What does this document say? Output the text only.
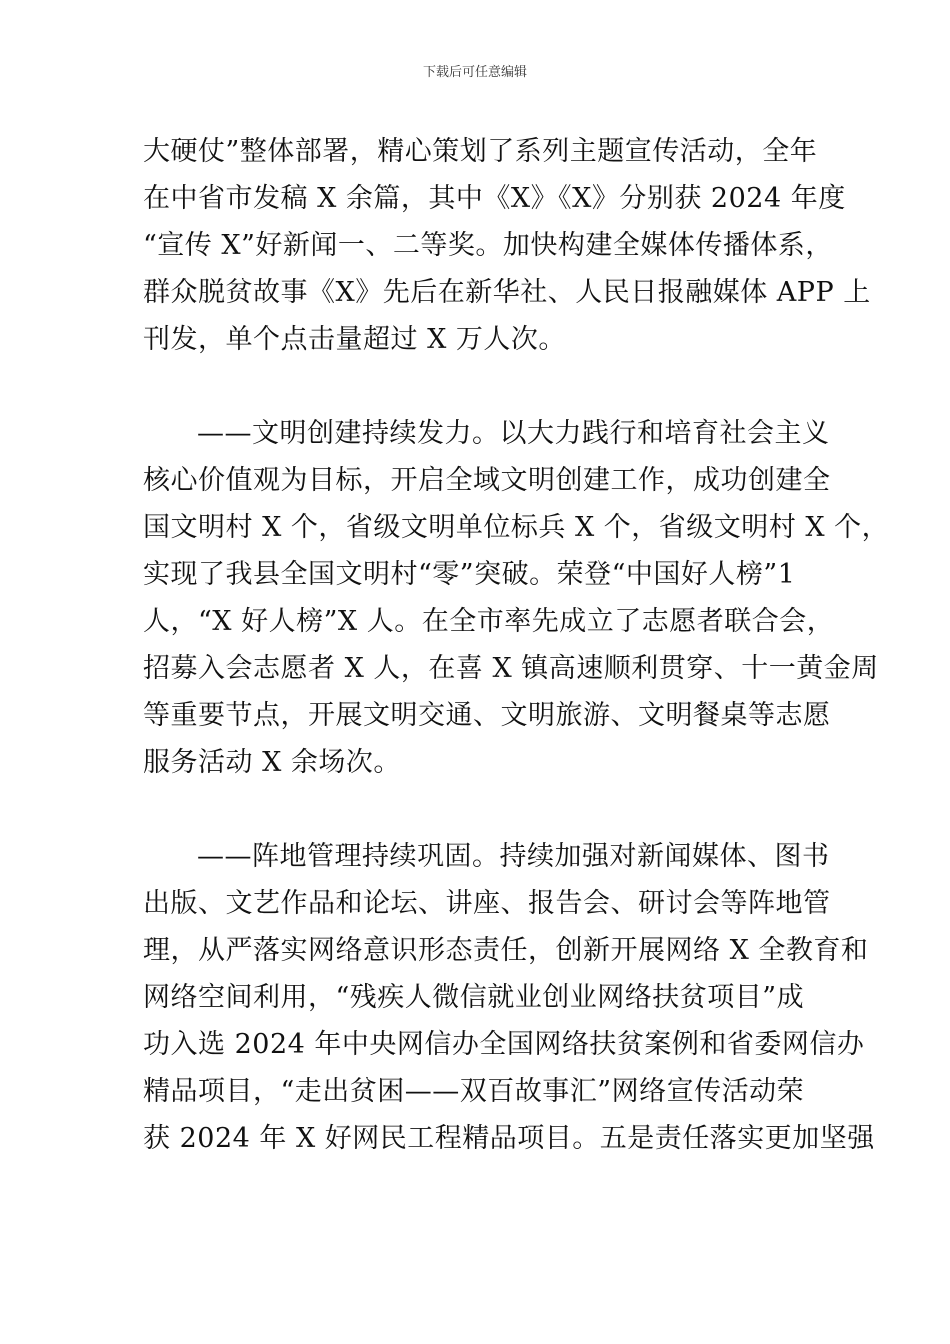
下载后可任意编辑

大硬仗”整体部署，精心策划了系列主题宣传活动，全年
在中省市发稿 X 余篇，其中《X》《X》分别获 2024 年度
“宣传 X”好新闻一、二等奖。加快构建全媒体传播体系，
群众脱贫故事《X》先后在新华社、人民日报融媒体 APP 上
刊发，单个点击量超过 X 万人次。

——文明创建持续发力。以大力践行和培育社会主义
核心价值观为目标，开启全域文明创建工作，成功创建全
国文明村 X 个，省级文明单位标兵 X 个，省级文明村 X 个，
实现了我县全国文明村“零”突破。荣登“中国好人榜”1
人，“X 好人榜”X 人。在全市率先成立了志愿者联合会，
招募入会志愿者 X 人，在喜 X 镇高速顺利贯穿、十一黄金周
等重要节点，开展文明交通、文明旅游、文明餐桌等志愿
服务活动 X 余场次。

——阵地管理持续巩固。持续加强对新闻媒体、图书
出版、文艺作品和论坛、讲座、报告会、研讨会等阵地管
理，从严落实网络意识形态责任，创新开展网络 X 全教育和
网络空间利用，“残疾人微信就业创业网络扶贫项目”成
功入选 2024 年中央网信办全国网络扶贫案例和省委网信办
精品项目，“走出贫困——双百故事汇”网络宣传活动荣
获 2024 年 X 好网民工程精品项目。五是责任落实更加坚强
